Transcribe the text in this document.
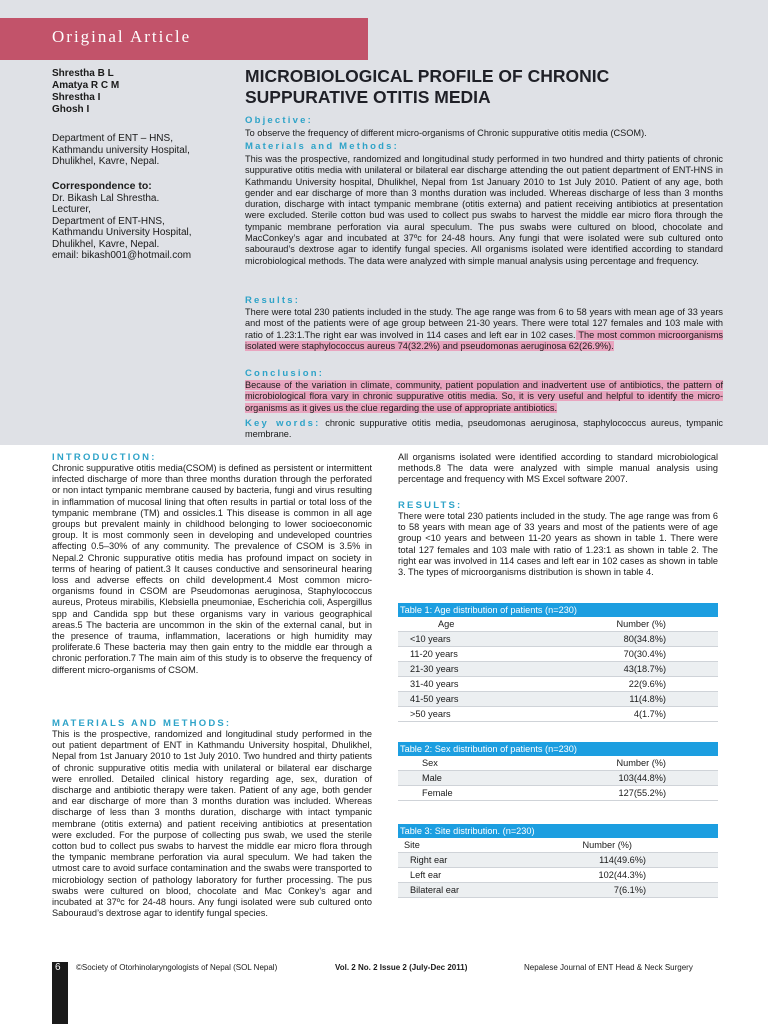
Original Article
Shrestha B L
Amatya R C M
Shrestha I
Ghosh I
Department of ENT – HNS,
Kathmandu university Hospital,
Dhulikhel, Kavre, Nepal.
Correspondence to:
Dr. Bikash Lal Shrestha.
Lecturer,
Department of ENT-HNS,
Kathmandu University Hospital,
Dhulikhel, Kavre, Nepal.
email: bikash001@hotmail.com
MICROBIOLOGICAL PROFILE OF CHRONIC SUPPURATIVE OTITIS MEDIA
Objective:
To observe the frequency of different micro-organisms of Chronic suppurative otitis media (CSOM).
Materials and Methods:
This was the prospective, randomized and longitudinal study performed in two hundred and thirty patients of chronic suppurative otitis media with unilateral or bilateral ear discharge attending the out patient department of ENT-HNS in Kathmandu University hospital, Dhulikhel, Nepal from 1st January 2010 to 1st July 2010. Patient of any age, both gender and ear discharge of more than 3 months duration was included. Whereas discharge of less than 3 months duration, discharge with intact tympanic membrane (otitis externa) and patient receiving antibiotics at presentation were excluded. Sterile cotton bud was used to collect pus swabs to harvest the middle ear micro flora through the tympanic membrane perforation via aural speculum. The pus swabs were cultured on blood, chocolate and MacConkey’s agar and incubated at 37ºc for 24-48 hours. Any fungi that were isolated were sub cultured onto sabouraud’s dextrose agar to identify fungal species. All organisms isolated were identified according to standard microbiological methods. The data were analyzed with simple manual analysis using percentage and frequency.
Results:
There were total 230 patients included in the study. The age range was from 6 to 58 years with mean age of 33 years and most of the patients were of age group between 21-30 years. There were total 127 females and 103 male with ratio of 1.23:1.The right ear was involved in 114 cases and left ear in 102 cases. The most common microorganisms isolated were staphylococcus aureus 74(32.2%) and pseudomonas aeruginosa 62(26.9%).
Conclusion:
Because of the variation in climate, community, patient population and inadvertent use of antibiotics, the pattern of microbiological flora vary in chronic suppurative otitis media. So, it is very useful and helpful to identify the micro-organisms as it gives us the clue regarding the use of appropriate antibiotics.
Key words: chronic suppurative otitis media, pseudomonas aeruginosa, staphylococcus aureus, tympanic membrane.
INTRODUCTION:
Chronic suppurative otitis media(CSOM) is defined as persistent or intermittent infected discharge of more than three months duration through the perforated or non intact tympanic membrane caused by bacteria, fungi and virus resulting in inflammation of mucosal lining that often results in partial or total loss of the tympanic membrane (TM) and ossicles.1 This disease is common in all age groups but prevalent mainly in childhood belonging to lower socioeconomic group. It is most commonly seen in developing and undeveloped countries affecting 0.5–30% of any community. The prevalence of CSOM is 3.5% in Nepal.2 Chronic suppurative otitis media has profound impact on society in terms of hearing of patient.3 It causes conductive and sensorineural hearing loss and adverse effects on child development.4 Most common micro-organisms found in CSOM are Pseudomonas aeruginosa, Staphylococcus aureus, Proteus mirabilis, Klebsiella pneumoniae, Escherichia coli, Aspergillus spp and Candida spp but these organisms vary in various geographical areas.5 The bacteria are uncommon in the skin of the external canal, but in the presence of trauma, inflammation, lacerations or high humidity may proliferate.6 These bacteria may then gain entry to the middle ear through a chronic perforation.7 The main aim of this study is to observe the frequency of different micro-organisms of CSOM.
MATERIALS AND METHODS:
This is the prospective, randomized and longitudinal study performed in the out patient department of ENT in Kathmandu University hospital, Dhulikhel, Nepal from 1st January 2010 to 1st July 2010. Two hundred and thirty patients of chronic suppurative otitis media with unilateral or bilateral ear discharge were enrolled. Detailed clinical history regarding age, sex, duration of discharge and antibiotic therapy were taken. Patient of any age, both gender and ear discharge of more than 3 months duration was included. Whereas discharge of less than 3 months duration, discharge with intact tympanic membrane (otitis externa) and patient receiving antibiotics at presentation were excluded. For the purpose of collecting pus swab, we used the sterile cotton bud to collect pus swabs to harvest the middle ear micro flora through the tympanic membrane perforation via aural speculum. We had taken the utmost care to avoid surface contamination and the swabs were transported to microbiology section of pathology laboratory for further processing. The pus swabs were cultured on blood, chocolate and Mac Conkey’s agar and incubated at 37ºc for 24-48 hours. Any fungi isolated were sub cultured onto Sabouraud’s dextrose agar to identify fungal species.
All organisms isolated were identified according to standard microbiological methods.8 The data were analyzed with simple manual analysis using percentage and frequency with MS Excel software 2007.
RESULTS:
There were total 230 patients included in the study. The age range was from 6 to 58 years with mean age of 33 years and most of the patients were of age group <10 years and between 11-20 years as shown in table 1. There were total 127 females and 103 male with ratio of 1.23:1 as shown in table 2. The right ear was involved in 114 cases and left ear in 102 cases as shown in table 3. The types of microorganisms distribution is shown in table 4.
Table 1: Age distribution of patients (n=230)
Age	Number (%)
<10 years	80(34.8%)
11-20 years	70(30.4%)
21-30 years	43(18.7%)
31-40 years	22(9.6%)
41-50 years	11(4.8%)
>50 years	4(1.7%)
Table 2: Sex distribution of patients (n=230)
Sex	Number (%)
Male	103(44.8%)
Female	127(55.2%)
Table 3: Site distribution. (n=230)
Site	Number (%)
Right ear	114(49.6%)
Left ear	102(44.3%)
Bilateral ear	7(6.1%)
6 ©Society of Otorhinolaryngologists of Nepal (SOL Nepal)	Vol. 2 No. 2 Issue 2 (July-Dec 2011)	Nepalese Journal of ENT Head & Neck Surgery
